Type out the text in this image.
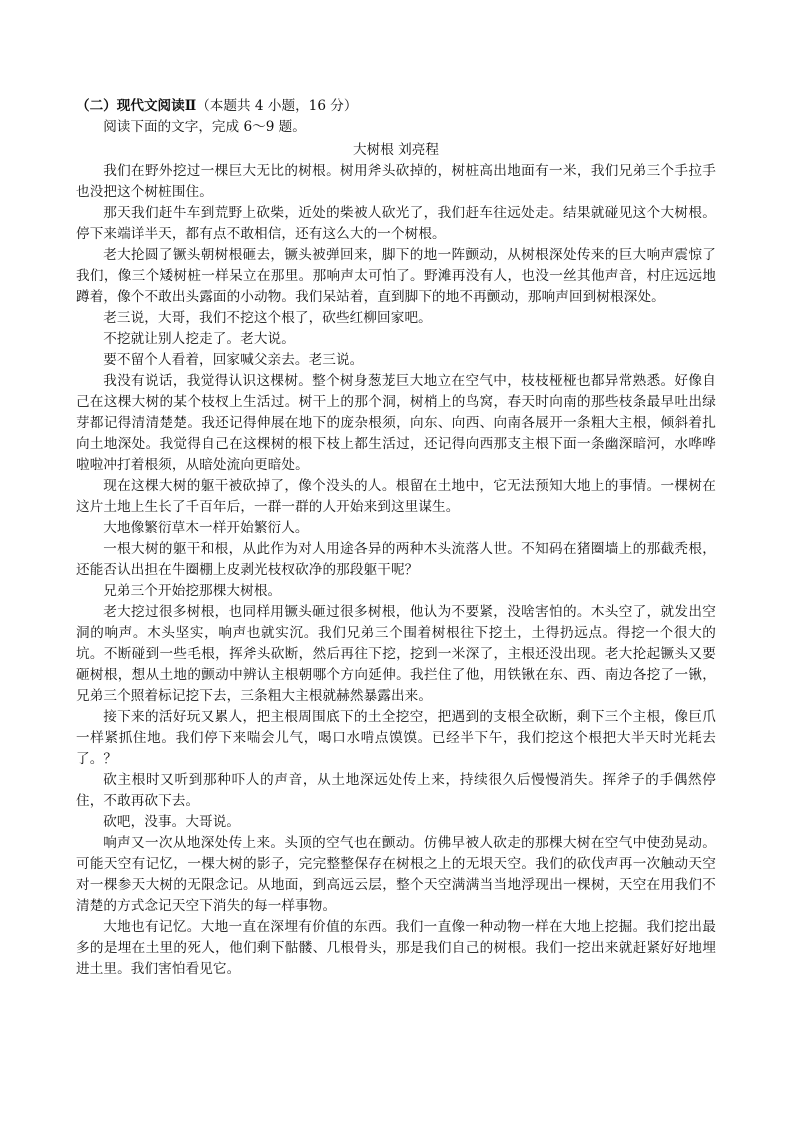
（二）现代文阅读Ⅱ（本题共 4 小题，16 分）

阅读下面的文字，完成 6～9 题。

大树根 刘亮程

我们在野外挖过一棵巨大无比的树根。树用斧头砍掉的，树桩高出地面有一米，我们兄弟三个手拉手也没把这个树桩围住。

那天我们赶牛车到荒野上砍柴，近处的柴被人砍光了，我们赶车往远处走。结果就碰见这个大树根。停下来端详半天，都有点不敢相信，还有这么大的一个树根。

老大抡圆了镢头朝树根砸去，镢头被弹回来，脚下的地一阵颤动，从树根深处传来的巨大响声震惊了我们，像三个矮树桩一样呆立在那里。那响声太可怕了。野滩再没有人，也没一丝其他声音，村庄远远地蹲着，像个不敢出头露面的小动物。我们呆站着，直到脚下的地不再颤动，那响声回到树根深处。

老三说，大哥，我们不挖这个根了，砍些红柳回家吧。

不挖就让别人挖走了。老大说。

要不留个人看着，回家喊父亲去。老三说。

我没有说话，我觉得认识这棵树。整个树身葱茏巨大地立在空气中，枝枝桠桠也都异常熟悉。好像自己在这棵大树的某个枝杈上生活过。树干上的那个洞，树梢上的鸟窝，春天时向南的那些枝条最早吐出绿芽都记得清清楚楚。我还记得伸展在地下的庞杂根须，向东、向西、向南各展开一条粗大主根，倾斜着扎向土地深处。我觉得自己在这棵树的根下枝上都生活过，还记得向西那支主根下面一条幽深暗河，水哗哗啦啦冲打着根须，从暗处流向更暗处。

现在这棵大树的躯干被砍掉了，像个没头的人。根留在土地中，它无法预知大地上的事情。一棵树在这片土地上生长了千百年后，一群一群的人开始来到这里谋生。

大地像繁衍草木一样开始繁衍人。

一根大树的躯干和根，从此作为对人用途各异的两种木头流落人世。不知码在猪圈墙上的那截秃根，还能否认出担在牛圈棚上皮剥光枝杈砍净的那段躯干呢？

兄弟三个开始挖那棵大树根。

老大挖过很多树根，也同样用镢头砸过很多树根，他认为不要紧，没啥害怕的。木头空了，就发出空洞的响声。木头坚实，响声也就实沉。我们兄弟三个围着树根往下挖土，土得扔远点。得挖一个很大的坑。不断碰到一些毛根，挥斧头砍断，然后再往下挖，挖到一米深了，主根还没出现。老大抡起镢头又要砸树根，想从土地的颤动中辨认主根朝哪个方向延伸。我拦住了他，用铁锹在东、西、南边各挖了一锹，兄弟三个照着标记挖下去，三条粗大主根就赫然暴露出来。

接下来的活好玩又累人，把主根周围底下的土全挖空，把遇到的支根全砍断，剩下三个主根，像巨爪一样紧抓住地。我们停下来喘会儿气，喝口水啃点馍馍。已经半下午，我们挖这个根把大半天时光耗去了。？

砍主根时又听到那种吓人的声音，从土地深远处传上来，持续很久后慢慢消失。挥斧子的手偶然停住，不敢再砍下去。

砍吧，没事。大哥说。

响声又一次从地深处传上来。头顶的空气也在颤动。仿佛早被人砍走的那棵大树在空气中使劲晃动。可能天空有记忆，一棵大树的影子，完完整整保存在树根之上的无垠天空。我们的砍伐声再一次触动天空对一棵参天大树的无限念记。从地面，到高远云层，整个天空满满当当地浮现出一棵树，天空在用我们不清楚的方式念记天空下消失的每一样事物。

大地也有记忆。大地一直在深埋有价值的东西。我们一直像一种动物一样在大地上挖掘。我们挖出最多的是埋在土里的死人，他们剩下骷髅、几根骨头，那是我们自己的树根。我们一挖出来就赶紧好好地埋进土里。我们害怕看见它。
